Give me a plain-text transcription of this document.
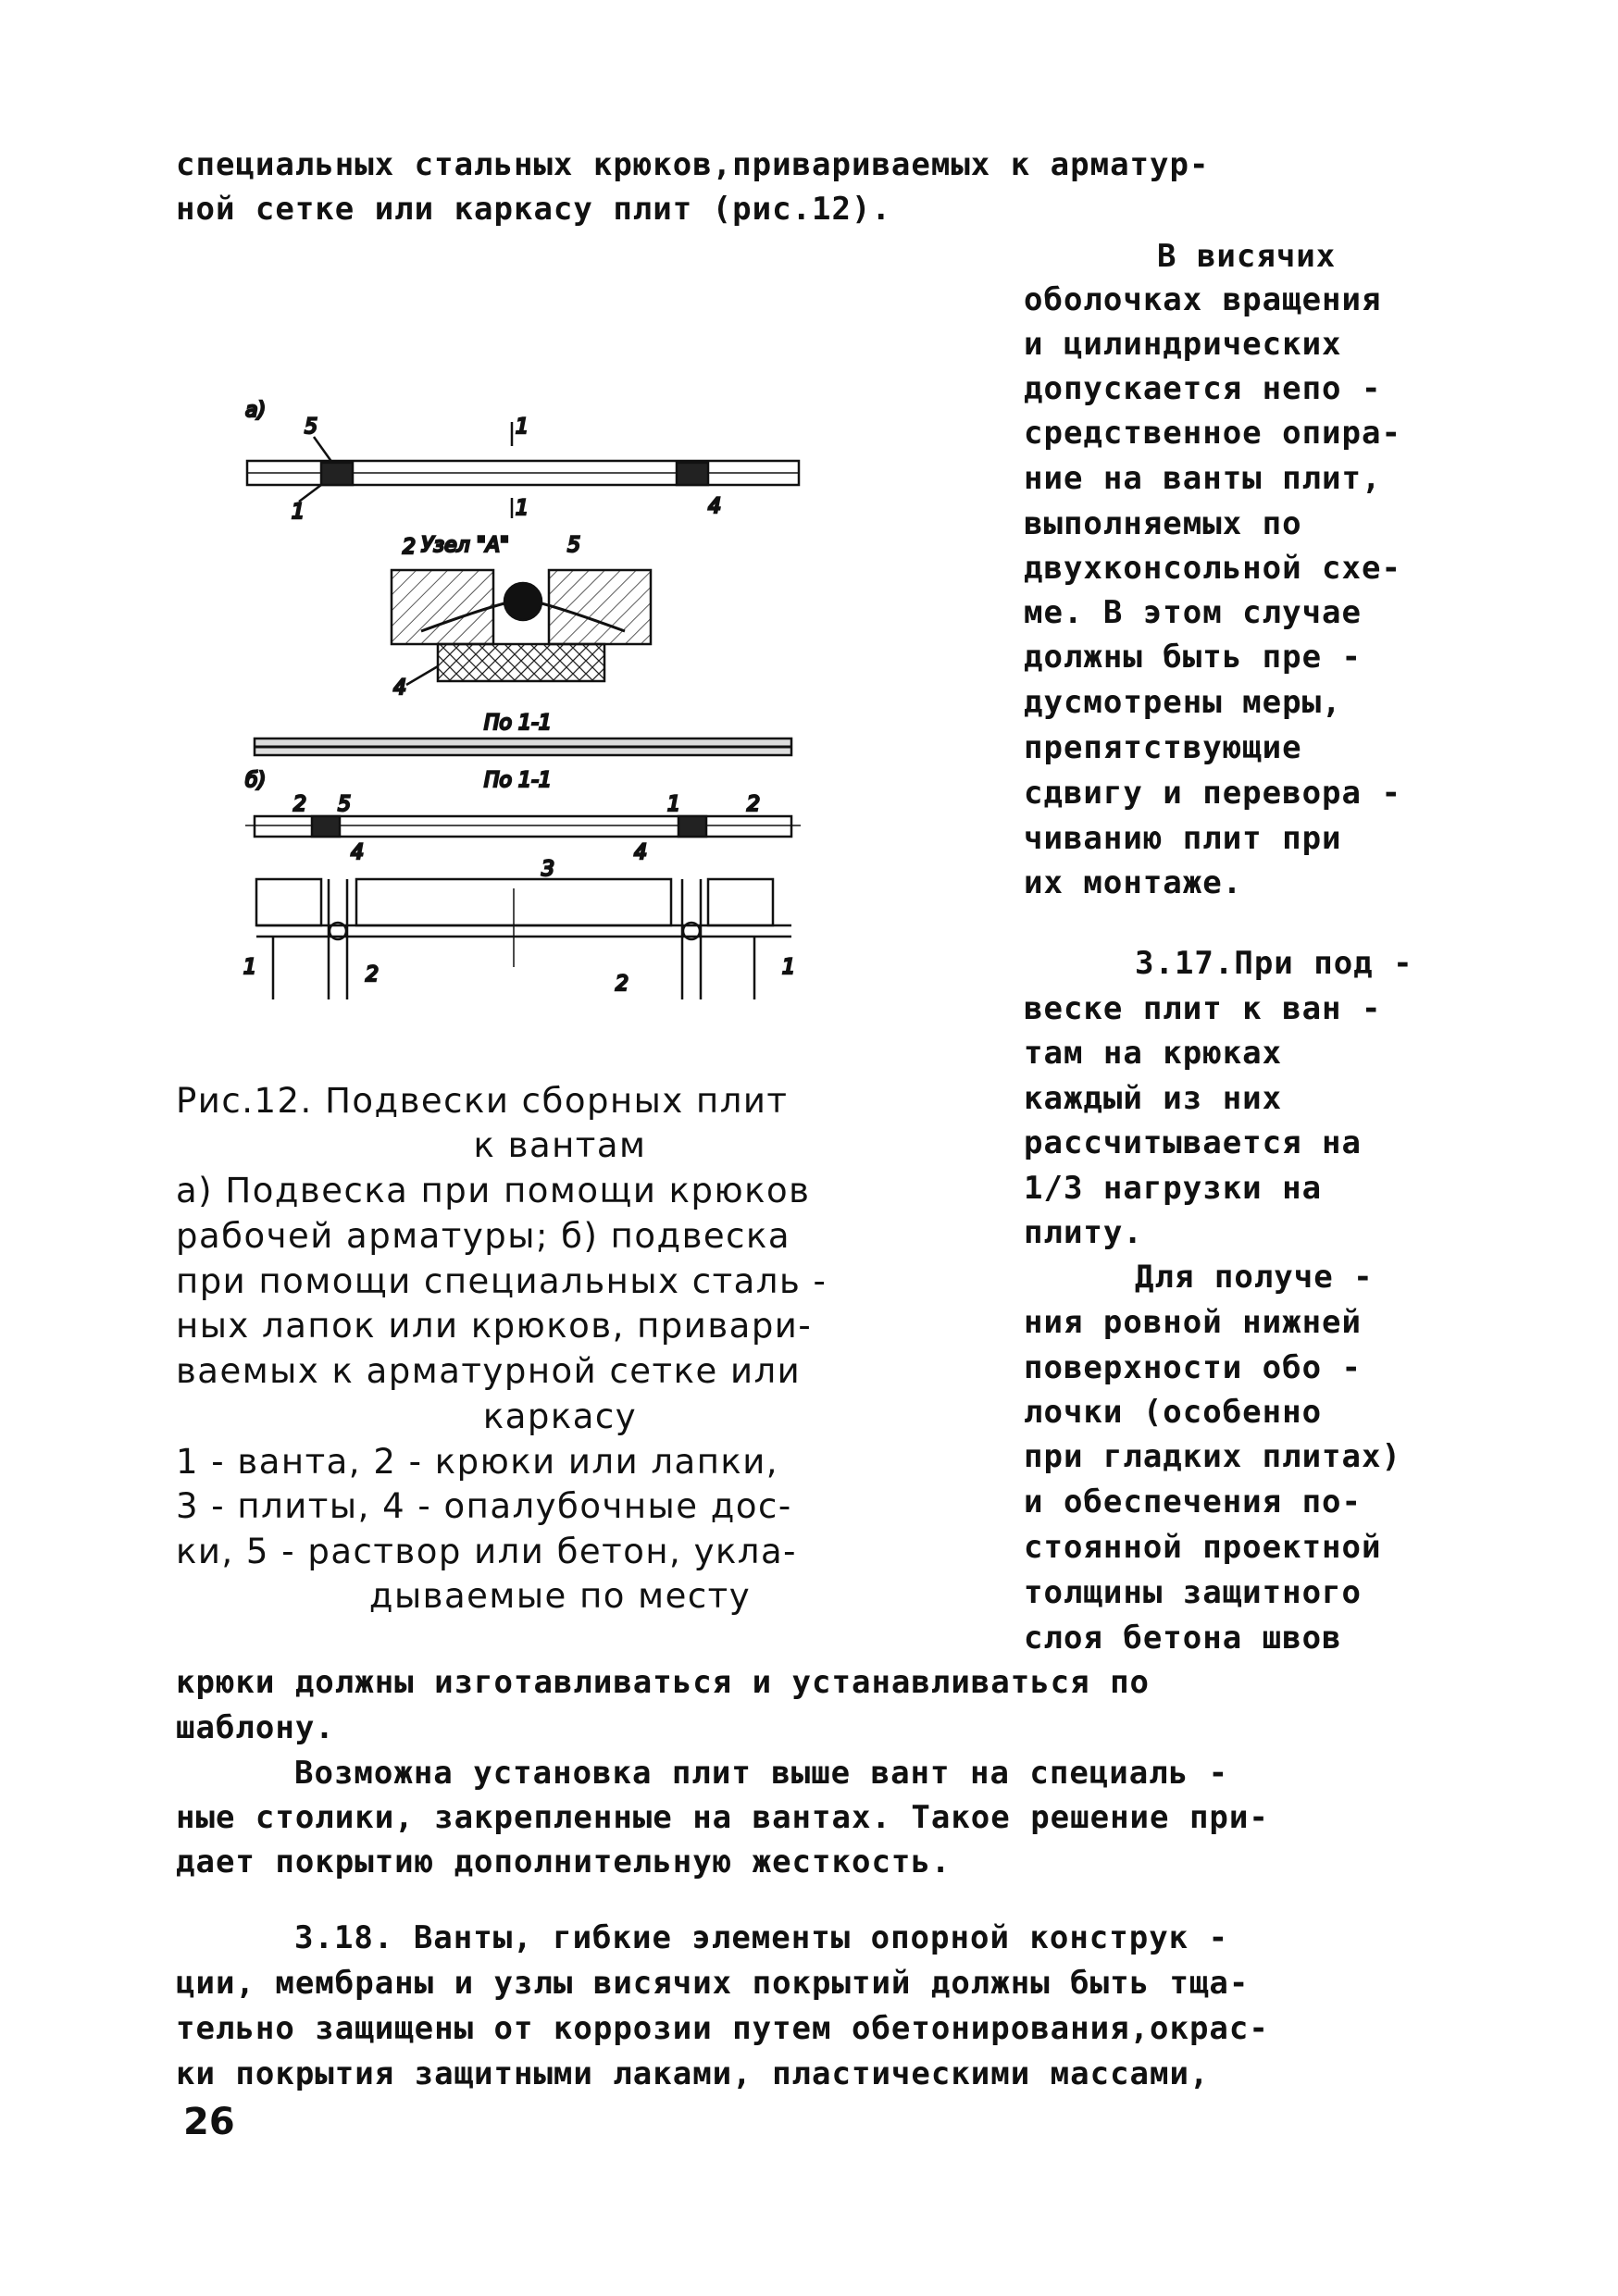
специальных стальных крюков,привариваемых к арматур-
ной сетке или каркасу плит (рис.12).
В висячих
оболочках вращения
и цилиндрических
допускается непо -
средственное опира-
ние на ванты плит,
выполняемых по
двухконсольной схе-
ме. В этом случае
должны быть пре -
дусмотрены меры,
препятствующие
сдвигу и перевора -
чиванию плит при
их монтаже.
3.17.При под -
веске плит к ван -
там на крюках
каждый из них
рассчитывается на
1/3 нагрузки на
плиту.
Для получе -
ния ровной нижней
поверхности обо -
лочки (особенно
при гладких плитах)
и обеспечения по-
стоянной проектной
толщины защитного
слоя бетона швов
а)
5	1
1	4
1
Узел "А"
2	5
4
По 1-1
б)	По 1-1
2 5	1	2
4	4
3
1	1
2	2
Рис.12. Подвески сборных плит
к вантам
а) Подвеска при помощи крюков
рабочей арматуры; б) подвеска
при помощи специальных сталь -
ных лапок или крюков, привари-
ваемых к арматурной сетке или
каркасу
1 - ванта, 2 - крюки или лапки,
3 - плиты, 4 - опалубочные дос-
ки, 5 - раствор или бетон, укла-
дываемые по месту
крюки должны изготавливаться и устанавливаться по
шаблону.
Возможна установка плит выше вант на специаль -
ные столики, закрепленные на вантах. Такое решение при-
дает покрытию дополнительную жесткость.
3.18. Ванты, гибкие элементы опорной конструк -
ции, мембраны и узлы висячих покрытий должны быть тща-
тельно защищены от коррозии путем обетонирования,окрас-
ки покрытия защитными лаками, пластическими массами,
26
